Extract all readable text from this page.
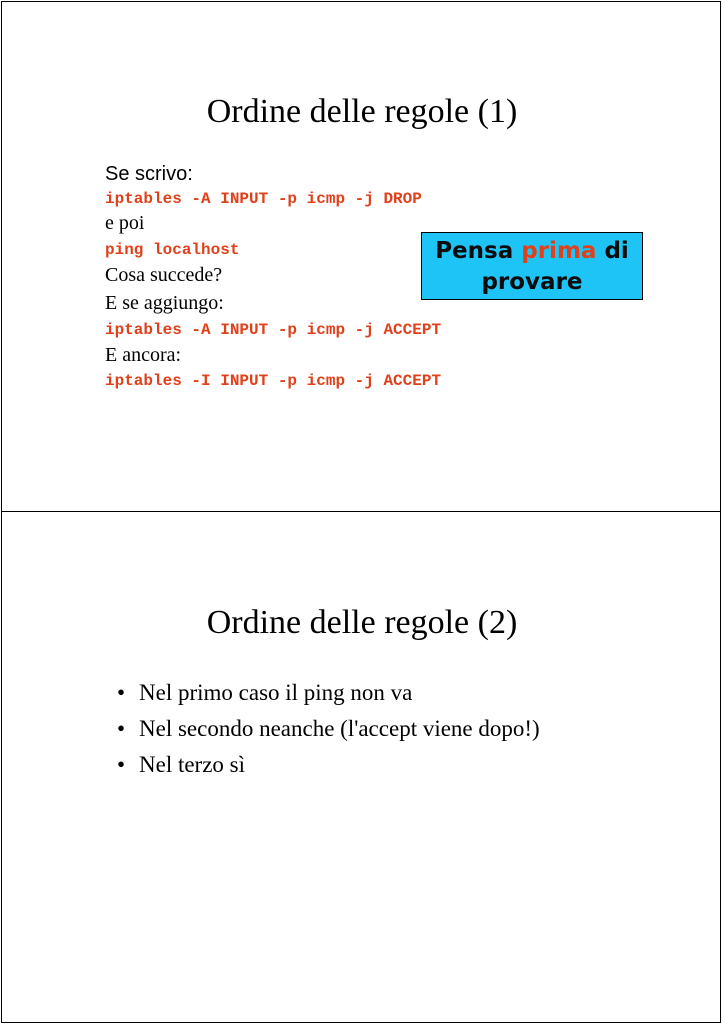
Ordine delle regole (1)
Se scrivo:
iptables -A INPUT -p icmp -j DROP
e poi
ping localhost
Cosa succede?
E se aggiungo:
iptables -A INPUT -p icmp -j ACCEPT
E ancora:
iptables -I INPUT -p icmp -j ACCEPT
Pensa prima di
provare
Ordine delle regole (2)
• Nel primo caso il ping non va
• Nel secondo neanche (l'accept viene dopo!)
• Nel terzo sì
